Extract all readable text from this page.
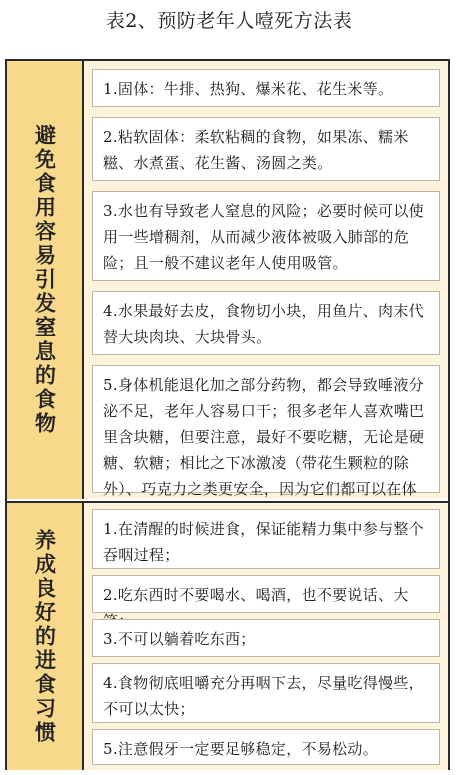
表2、预防老年人噎死方法表
避免食用容易引发窒息的食物
1.固体：牛排、热狗、爆米花、花生米等。
2.粘软固体：柔软粘稠的食物，如果冻、糯米糍、水煮蛋、花生酱、汤圆之类。
3.水也有导致老人窒息的风险；必要时候可以使用一些增稠剂，从而减少液体被吸入肺部的危险；且一般不建议老年人使用吸管。
4.水果最好去皮，食物切小块，用鱼片、肉末代替大块肉块、大块骨头。
5.身体机能退化加之部分药物，都会导致唾液分泌不足，老年人容易口干；很多老年人喜欢嘴巴里含块糖，但要注意，最好不要吃糖，无论是硬糖、软糖；相比之下冰激凌（带花生颗粒的除外）、巧克力之类更安全，因为它们都可以在体
养成良好的进食习惯	1.在清醒的时候进食，保证能精力集中参与整个吞咽过程；
2.吃东西时不要喝水、喝酒，也不要说话、大
3.不可以躺着吃东西；
4.食物彻底咀嚼充分再咽下去，尽量吃得慢些，不可以太快；
5.注意假牙一定要足够稳定，不易松动。
